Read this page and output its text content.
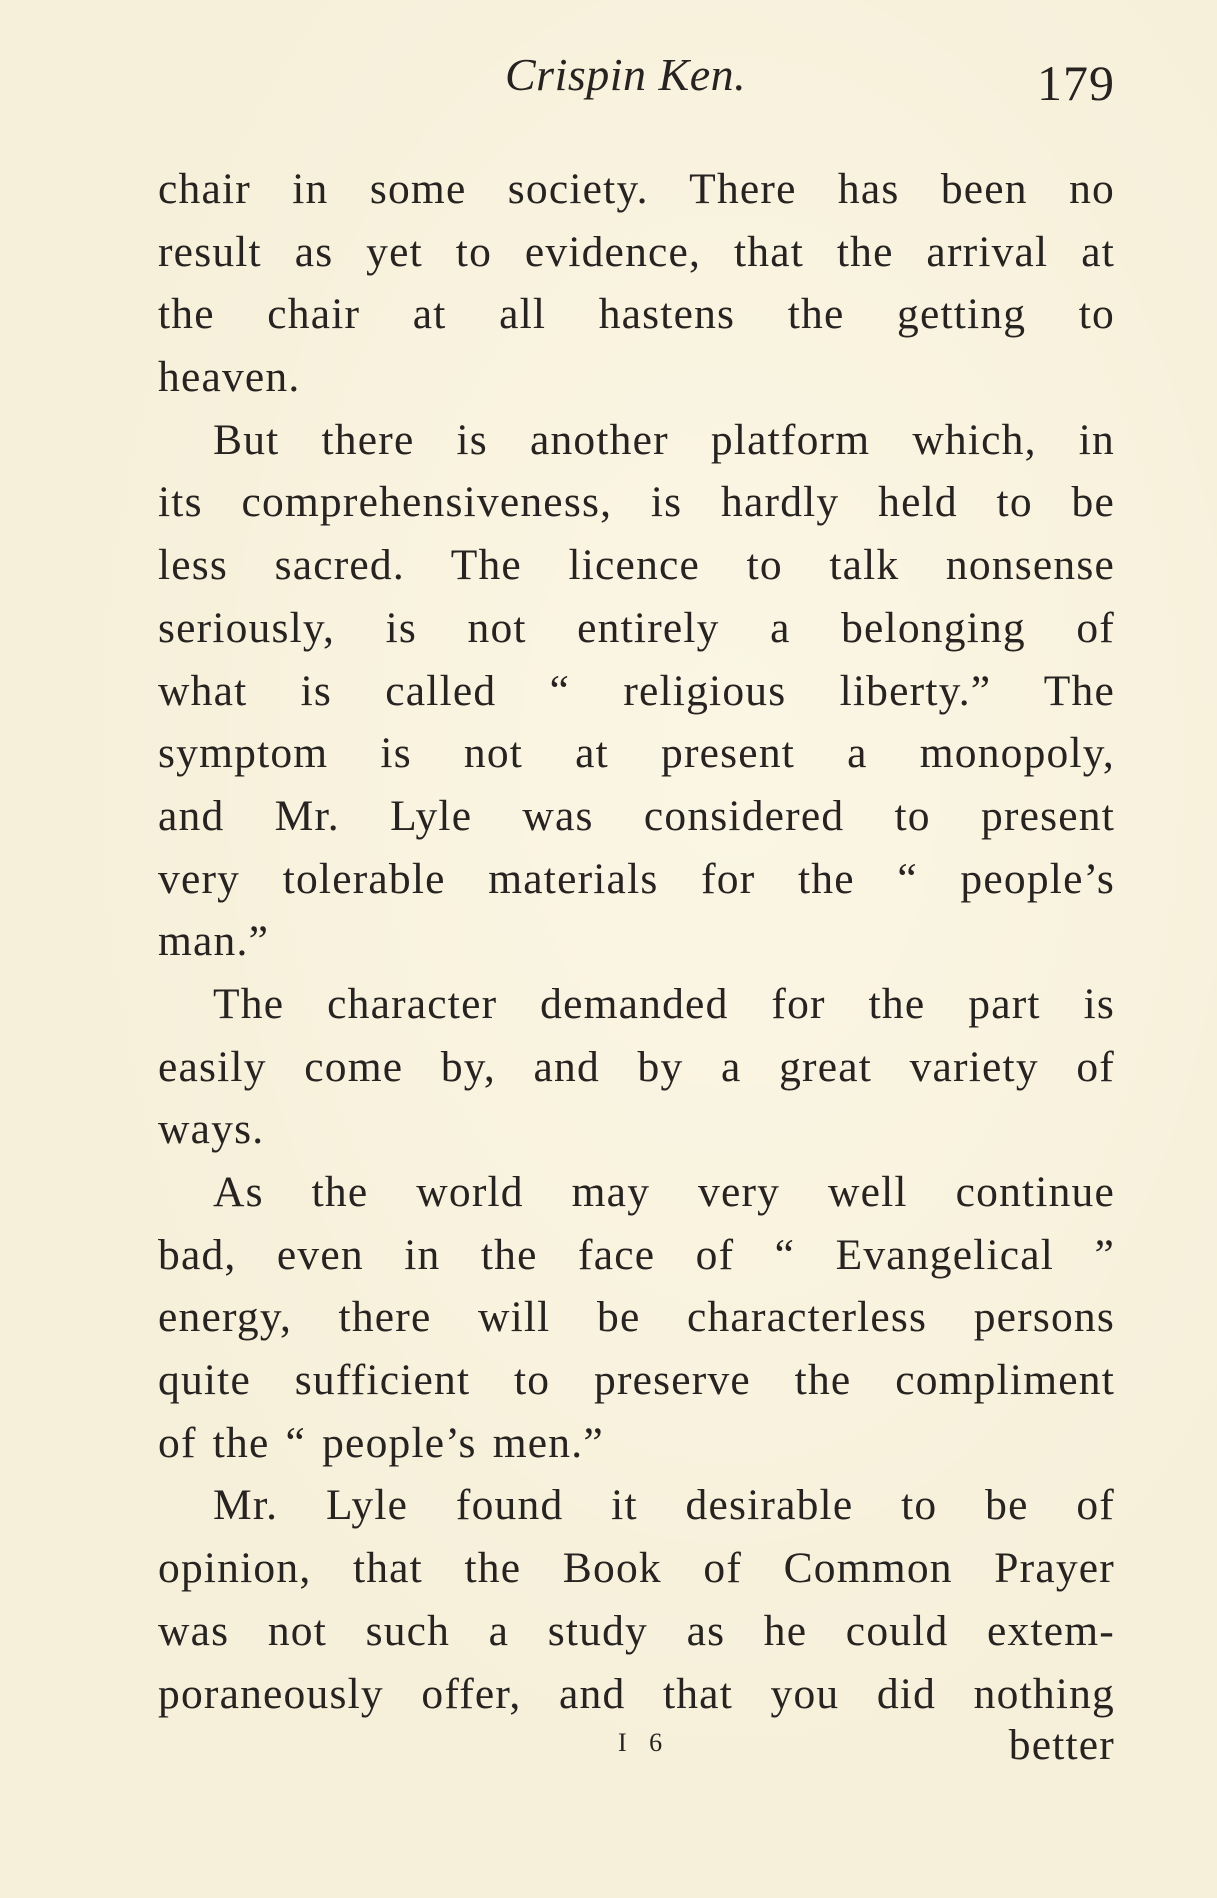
Crispin Ken.	179
chair in some society. There has been no
result as yet to evidence, that the arrival at
the chair at all hastens the getting to
heaven.
But there is another platform which, in
its comprehensiveness, is hardly held to be
less sacred. The licence to talk nonsense
seriously, is not entirely a belonging of
what is called “ religious liberty.” The
symptom is not at present a monopoly,
and Mr. Lyle was considered to present
very tolerable materials for the “ people’s
man.”
The character demanded for the part is
easily come by, and by a great variety of
ways.
As the world may very well continue
bad, even in the face of “ Evangelical ”
energy, there will be characterless persons
quite sufficient to preserve the compliment
of the “ people’s men.”
Mr. Lyle found it desirable to be of
opinion, that the Book of Common Prayer
was not such a study as he could extem-
poraneously offer, and that you did nothing
I 6	better
